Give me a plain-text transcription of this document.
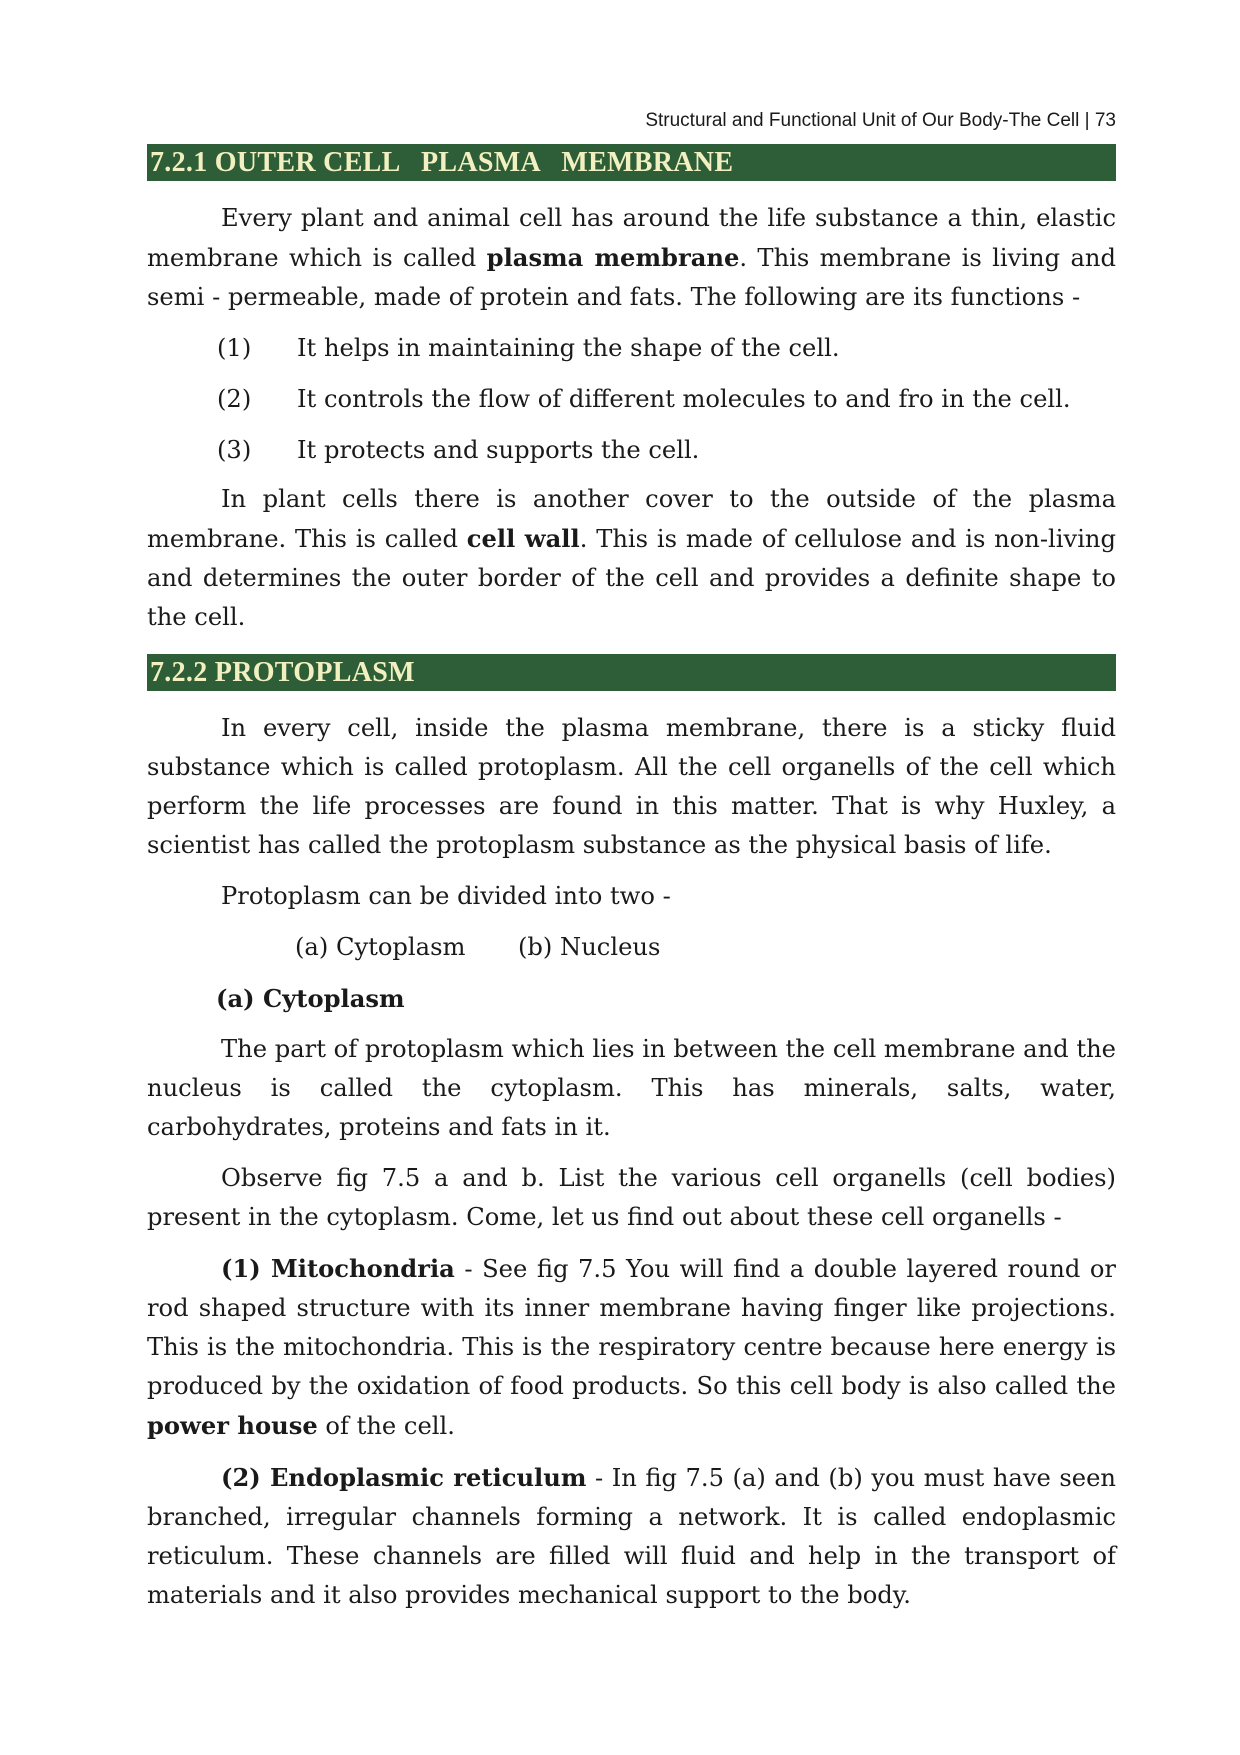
Structural and Functional Unit of Our Body-The Cell | 73
7.2.1 OUTER CELL   PLASMA   MEMBRANE

Every plant and animal cell has around the life substance a thin, elastic membrane which is called plasma membrane. This membrane is living and semi - permeable, made of protein and fats. The following are its functions -

(1)	It helps in maintaining the shape of the cell.
(2)	It controls the flow of different molecules to and fro in the cell.
(3)	It protects and supports the cell.

In plant cells there is another cover to the outside of the plasma membrane. This is called cell wall. This is made of cellulose and is non-living and determines the outer border of the cell and provides a definite shape to the cell.

7.2.2 PROTOPLASM

In every cell, inside the plasma membrane, there is a sticky fluid substance which is called protoplasm. All the cell organells of the cell which perform the life processes are found in this matter. That is why Huxley, a scientist has called the protoplasm substance as the physical basis of life.

Protoplasm can be divided into two -

(a) Cytoplasm	(b) Nucleus
(a) Cytoplasm

The part of protoplasm which lies in between the cell membrane and the nucleus is called the cytoplasm. This has minerals, salts, water, carbohydrates, proteins and fats in it.

Observe fig 7.5 a and b. List the various cell organells (cell bodies) present in the cytoplasm. Come, let us find out about these cell organells -

(1) Mitochondria - See fig 7.5 You will find a double layered round or rod shaped structure with its inner membrane having finger like projections. This is the mitochondria. This is the respiratory centre because here energy is produced by the oxidation of food products. So this cell body is also called the power house of the cell.

(2) Endoplasmic reticulum - In fig 7.5 (a) and (b) you must have seen branched, irregular channels forming a network. It is called endoplasmic reticulum. These channels are filled will fluid and help in the transport of materials and it also provides mechanical support to the body.
